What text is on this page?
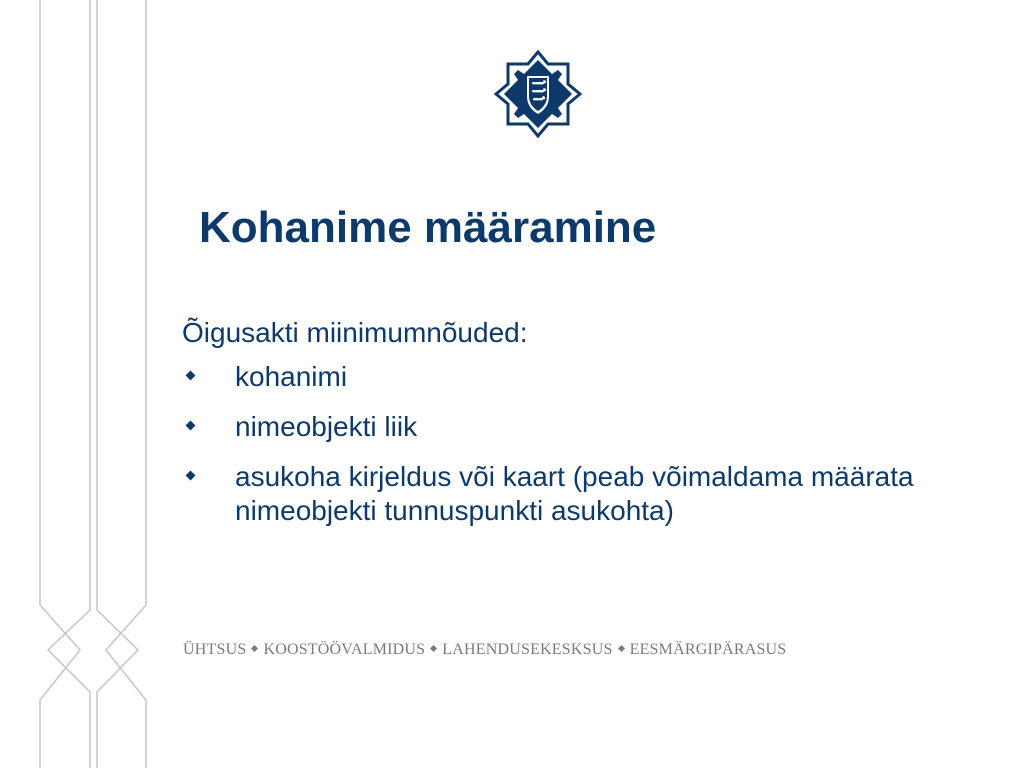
Kohanime määramine

Õigusakti miinimumnõuded:

kohanimi
nimeobjekti liik
asukoha kirjeldus või kaart (peab võimaldama määrata nimeobjekti tunnuspunkti asukohta)

ÜHTSUS KOOSTÖÖVALMIDUS LAHENDUSEKESKSUS EESMÄRGIPÄRASUS
